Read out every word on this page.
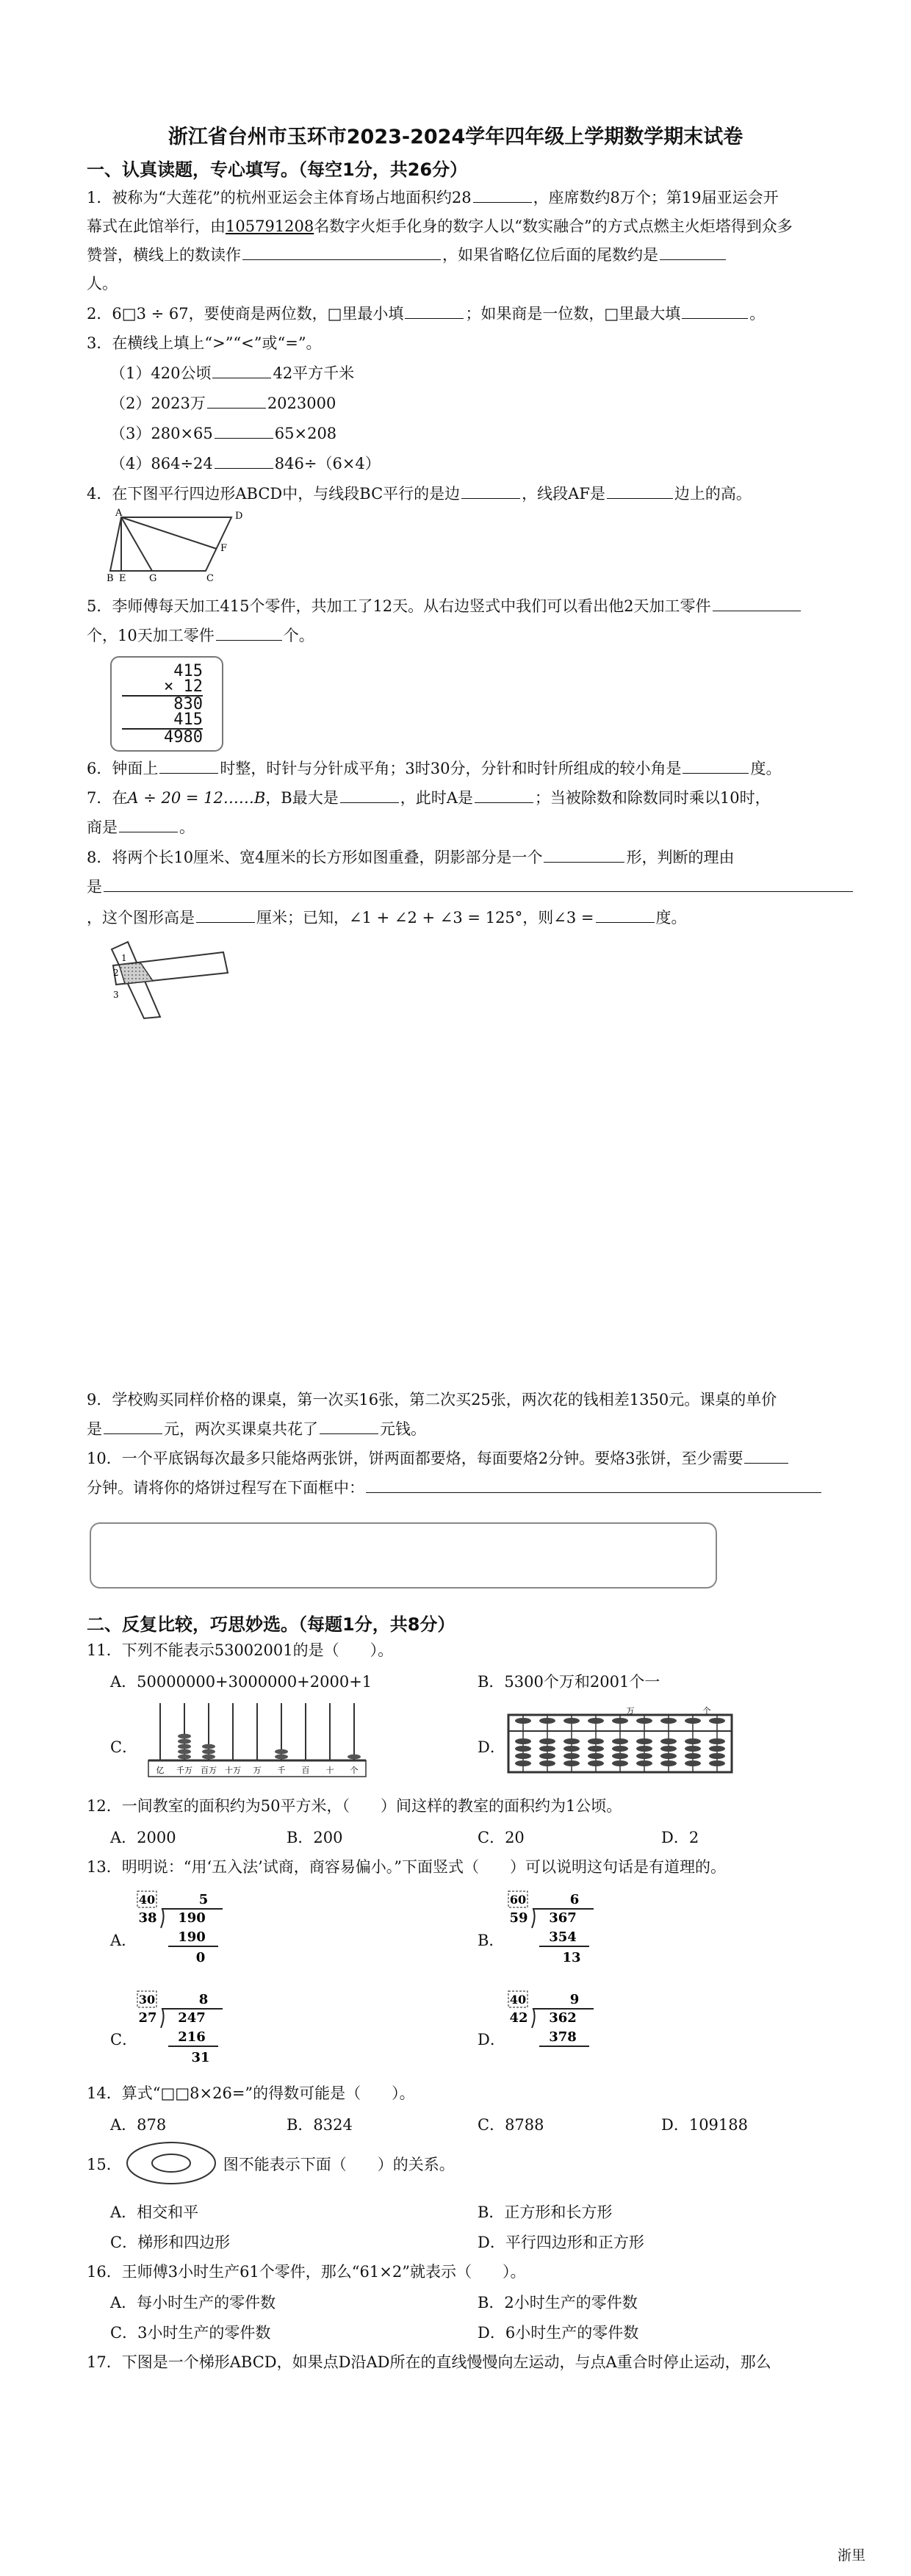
浙江省台州市玉环市2023-2024学年四年级上学期数学期末试卷
一、认真读题，专心填写。（每空1分，共26分）
1．被称为“大莲花”的杭州亚运会主体育场占地面积约28	，座席数约8万个；第19届亚运会开
幕式在此馆举行，由105791208名数字火炬手化身的数字人以“数实融合”的方式点燃主火炬塔得到众多
赞誉，横线上的数读作	，如果省略亿位后面的尾数约是
人。
2．6□3 ÷ 67，要使商是两位数，□里最小填	；如果商是一位数，□里最大填	。
3．在横线上填上“>”“<”或“=”。
（1）420公顷	42平方千米
（2）2023万	2023000
（3）280×65	65×208
（4）864÷24	846÷（6×4）
4．在下图平行四边形ABCD中，与线段BC平行的是边	，线段AF是	边上的高。
A	D
F
B E G	C
5．李师傅每天加工415个零件，共加工了12天。从右边竖式中我们可以看出他2天加工零件
个，10天加工零件	个。
415
× 12
830
415
4980
6．钟面上	时整，时针与分针成平角；3时30分，分针和时针所组成的较小角是	度。
7．在A ÷ 20 = 12……B，B最大是	，此时A是	；当被除数和除数同时乘以10时，
商是	。
8．将两个长10厘米、宽4厘米的长方形如图重叠，阴影部分是一个	形，判断的理由
是
，这个图形高是	厘米；已知，∠1 + ∠2 + ∠3 = 125°，则∠3 =	度。
1
2
3
9．学校购买同样价格的课桌，第一次买16张，第二次买25张，两次花的钱相差1350元。课桌的单价
是	元，两次买课桌共花了	元钱。
10．一个平底锅每次最多只能烙两张饼，饼两面都要烙，每面要烙2分钟。要烙3张饼，至少需要
分钟。请将你的烙饼过程写在下面框中：
二、反复比较，巧思妙选。（每题1分，共8分）
11．下列不能表示53002001的是（　　）。
A．50000000+3000000+2000+1	B．5300个万和2001个一
C．	D．
亿 千万 百万 十万 万 千 百 十 个
万	个
12．一间教室的面积约为50平方米，（　　）间这样的教室的面积约为1公顷。
A．2000	B．200	C．20	D．2
13．明明说：“用‘五入法’试商，商容易偏小。”下面竖式（　　）可以说明这句话是有道理的。
A．
40	5
38 190
190
0
B．
60	6
59 367
354
13
C．
30	8
27 247
216
31
D．
40	9
42 362
378
14．算式“□□8×26=”的得数可能是（　　）。
A．878	B．8324	C．8788	D．109188
15．	图不能表示下面（　　）的关系。
A．相交和平	B．正方形和长方形
C．梯形和四边形	D．平行四边形和正方形
16．王师傅3小时生产61个零件，那么“61×2”就表示（　　）。
A．每小时生产的零件数	B．2小时生产的零件数
C．3小时生产的零件数	D．6小时生产的零件数
17．下图是一个梯形ABCD，如果点D沿AD所在的直线慢慢向左运动，与点A重合时停止运动，那么
浙里
